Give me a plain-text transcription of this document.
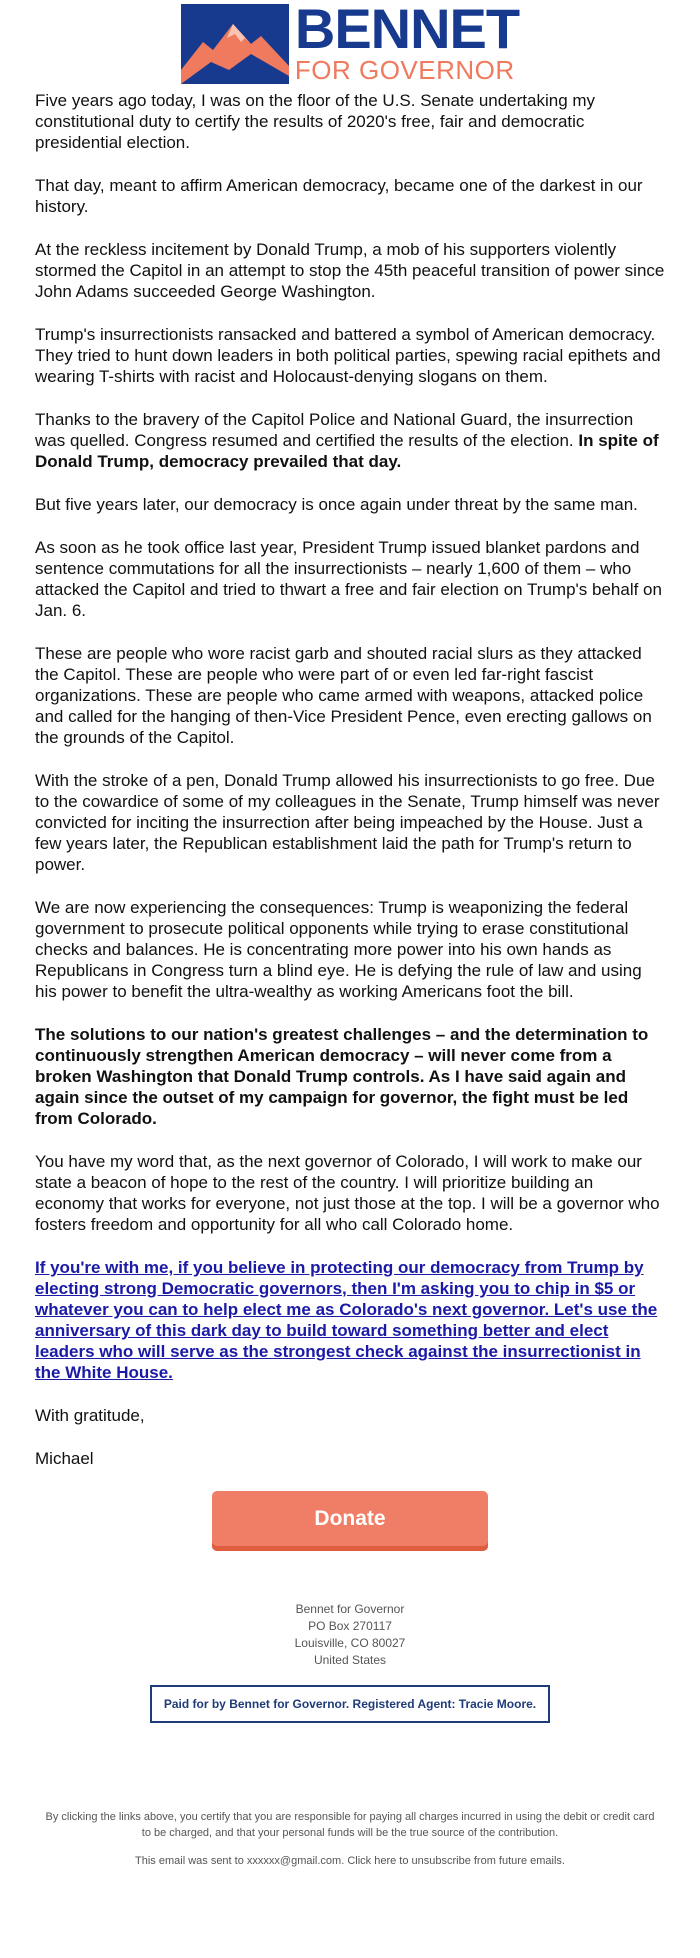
BENNET
FOR GOVERNOR

Five years ago today, I was on the floor of the U.S. Senate undertaking my constitutional duty to certify the results of 2020's free, fair and democratic presidential election.

That day, meant to affirm American democracy, became one of the darkest in our history.

At the reckless incitement by Donald Trump, a mob of his supporters violently stormed the Capitol in an attempt to stop the 45th peaceful transition of power since John Adams succeeded George Washington.

Trump's insurrectionists ransacked and battered a symbol of American democracy. They tried to hunt down leaders in both political parties, spewing racial epithets and wearing T-shirts with racist and Holocaust-denying slogans on them.

Thanks to the bravery of the Capitol Police and National Guard, the insurrection was quelled. Congress resumed and certified the results of the election. In spite of Donald Trump, democracy prevailed that day.

But five years later, our democracy is once again under threat by the same man.

As soon as he took office last year, President Trump issued blanket pardons and sentence commutations for all the insurrectionists – nearly 1,600 of them – who attacked the Capitol and tried to thwart a free and fair election on Trump's behalf on Jan. 6.

These are people who wore racist garb and shouted racial slurs as they attacked the Capitol. These are people who were part of or even led far-right fascist organizations. These are people who came armed with weapons, attacked police and called for the hanging of then-Vice President Pence, even erecting gallows on the grounds of the Capitol.

With the stroke of a pen, Donald Trump allowed his insurrectionists to go free. Due to the cowardice of some of my colleagues in the Senate, Trump himself was never convicted for inciting the insurrection after being impeached by the House. Just a few years later, the Republican establishment laid the path for Trump's return to power.

We are now experiencing the consequences: Trump is weaponizing the federal government to prosecute political opponents while trying to erase constitutional checks and balances. He is concentrating more power into his own hands as Republicans in Congress turn a blind eye. He is defying the rule of law and using his power to benefit the ultra-wealthy as working Americans foot the bill.

The solutions to our nation's greatest challenges – and the determination to continuously strengthen American democracy – will never come from a broken Washington that Donald Trump controls. As I have said again and again since the outset of my campaign for governor, the fight must be led from Colorado.

You have my word that, as the next governor of Colorado, I will work to make our state a beacon of hope to the rest of the country. I will prioritize building an economy that works for everyone, not just those at the top. I will be a governor who fosters freedom and opportunity for all who call Colorado home.

If you're with me, if you believe in protecting our democracy from Trump by electing strong Democratic governors, then I'm asking you to chip in $5 or whatever you can to help elect me as Colorado's next governor. Let's use the anniversary of this dark day to build toward something better and elect leaders who will serve as the strongest check against the insurrectionist in the White House.

With gratitude,

Michael

Donate
Bennet for Governor
PO Box 270117
Louisville, CO 80027
United States
Paid for by Bennet for Governor. Registered Agent: Tracie Moore.
By clicking the links above, you certify that you are responsible for paying all charges incurred in using the debit or credit card to be charged, and that your personal funds will be the true source of the contribution.
This email was sent to xxxxxx@gmail.com. Click here to unsubscribe from future emails.
